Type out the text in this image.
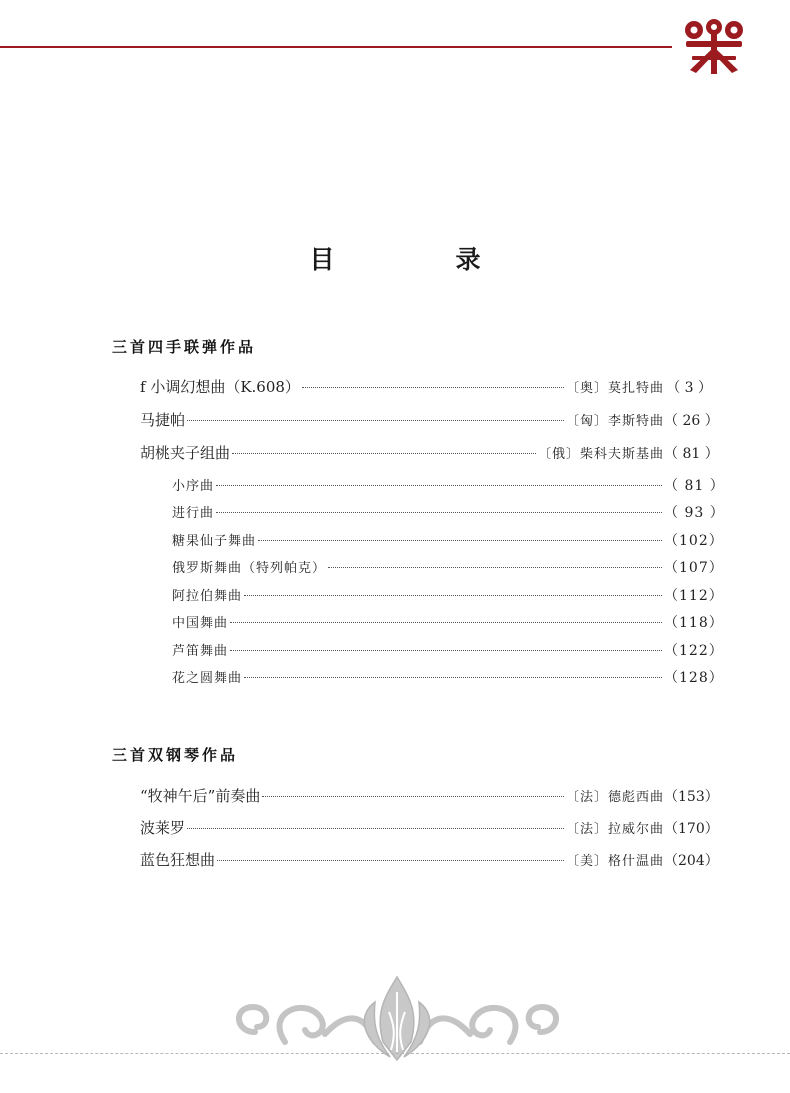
目　录
三首四手联弹作品
f 小调幻想曲（K.608）	〔奥〕莫扎特曲 （ 3 ）
马捷帕	〔匈〕李斯特曲 （ 26 ）
胡桃夹子组曲	〔俄〕柴科夫斯基曲 （ 81 ）
小序曲	（ 81 ）
进行曲	（ 93 ）
糖果仙子舞曲	（102）
俄罗斯舞曲（特列帕克）	（107）
阿拉伯舞曲	（112）
中国舞曲	（118）
芦笛舞曲	（122）
花之圆舞曲	（128）
三首双钢琴作品
“牧神午后”前奏曲	〔法〕德彪西曲 （153）
波莱罗	〔法〕拉威尔曲 （170）
蓝色狂想曲	〔美〕格什温曲 （204）
